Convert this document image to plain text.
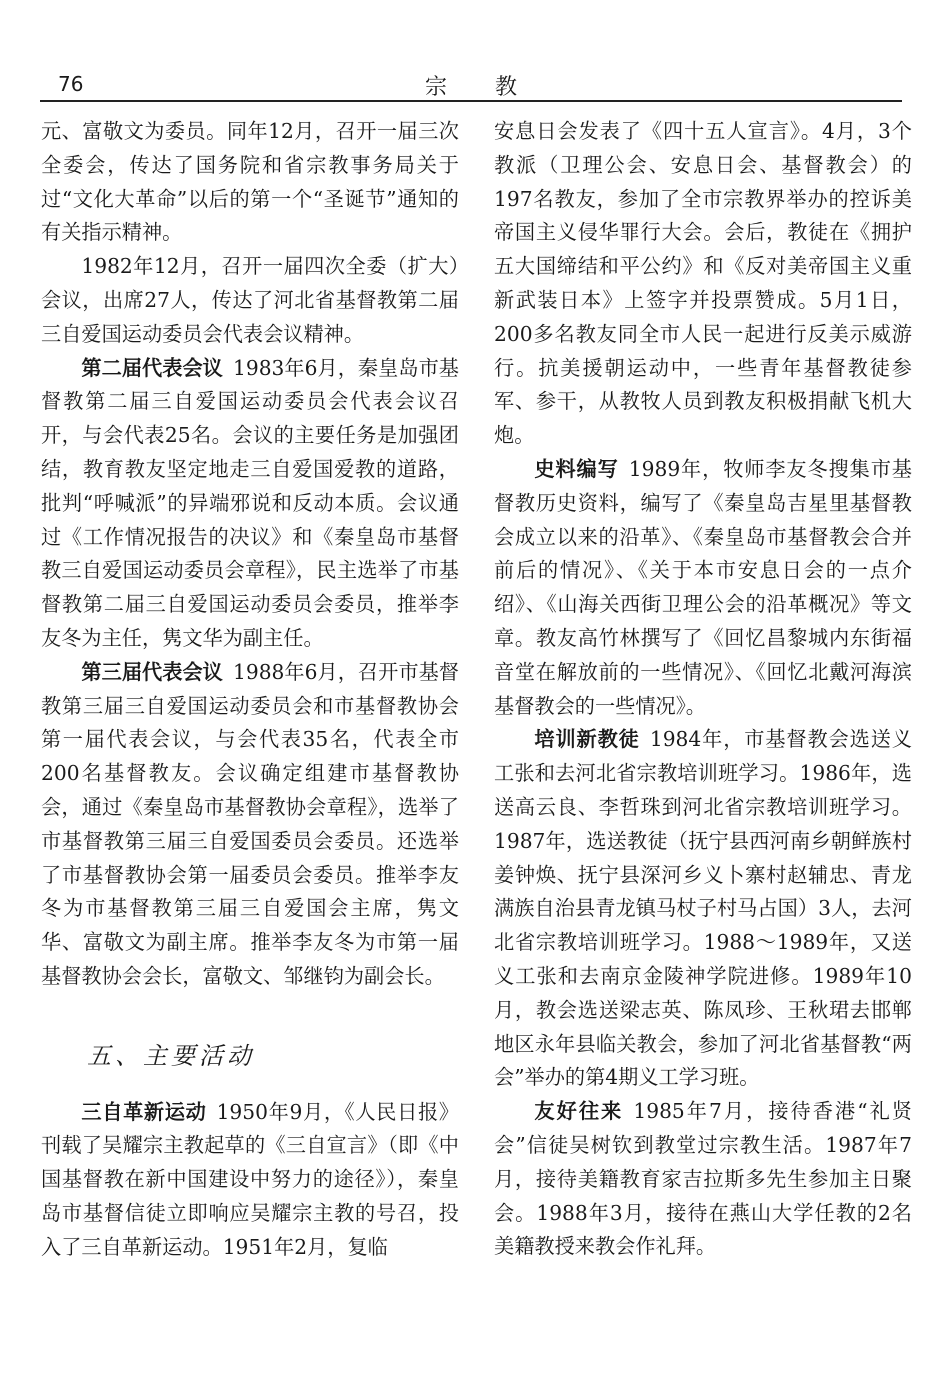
76	宗教

元、富敬文为委员。同年12月，召开一届三次全委会，传达了国务院和省宗教事务局关于过“文化大革命”以后的第一个“圣诞节”通知的有关指示精神。

1982年12月，召开一届四次全委（扩大）会议，出席27人，传达了河北省基督教第二届三自爱国运动委员会代表会议精神。

第二届代表会议 1983年6月，秦皇岛市基督教第二届三自爱国运动委员会代表会议召开，与会代表25名。会议的主要任务是加强团结，教育教友坚定地走三自爱国爱教的道路，批判“呼喊派”的异端邪说和反动本质。会议通过《工作情况报告的决议》和《秦皇岛市基督教三自爱国运动委员会章程》，民主选举了市基督教第二届三自爱国运动委员会委员，推举李友冬为主任，隽文华为副主任。

第三届代表会议 1988年6月，召开市基督教第三届三自爱国运动委员会和市基督教协会第一届代表会议，与会代表35名，代表全市200名基督教友。会议确定组建市基督教协会，通过《秦皇岛市基督教协会章程》，选举了市基督教第三届三自爱国委员会委员。还选举了市基督教协会第一届委员会委员。推举李友冬为市基督教第三届三自爱国会主席，隽文华、富敬文为副主席。推举李友冬为市第一届基督教协会会长，富敬文、邹继钧为副会长。

五、主要活动

三自革新运动 1950年9月，《人民日报》刊载了吴耀宗主教起草的《三自宣言》（即《中国基督教在新中国建设中努力的途径》），秦皇岛市基督信徒立即响应吴耀宗主教的号召，投入了三自革新运动。1951年2月，复临

安息日会发表了《四十五人宣言》。4月，3个教派（卫理公会、安息日会、基督教会）的197名教友，参加了全市宗教界举办的控诉美帝国主义侵华罪行大会。会后，教徒在《拥护五大国缔结和平公约》和《反对美帝国主义重新武装日本》上签字并投票赞成。5月1日，200多名教友同全市人民一起进行反美示威游行。抗美援朝运动中，一些青年基督教徒参军、参干，从教牧人员到教友积极捐献飞机大炮。

史料编写 1989年，牧师李友冬搜集市基督教历史资料，编写了《秦皇岛吉星里基督教会成立以来的沿革》、《秦皇岛市基督教会合并前后的情况》、《关于本市安息日会的一点介绍》、《山海关西街卫理公会的沿革概况》等文章。教友高竹林撰写了《回忆昌黎城内东街福音堂在解放前的一些情况》、《回忆北戴河海滨基督教会的一些情况》。

培训新教徒 1984年，市基督教会选送义工张和去河北省宗教培训班学习。1986年，选送高云良、李哲珠到河北省宗教培训班学习。1987年，选送教徒（抚宁县西河南乡朝鲜族村姜钟焕、抚宁县深河乡义卜寨村赵辅忠、青龙满族自治县青龙镇马杖子村马占国）3人，去河北省宗教培训班学习。1988～1989年，又送义工张和去南京金陵神学院进修。1989年10月，教会选送梁志英、陈凤珍、王秋珺去邯郸地区永年县临关教会，参加了河北省基督教“两会”举办的第4期义工学习班。

友好往来 1985年7月，接待香港“礼贤会”信徒吴树钦到教堂过宗教生活。1987年7月，接待美籍教育家吉拉斯多先生参加主日聚会。1988年3月，接待在燕山大学任教的2名美籍教授来教会作礼拜。
